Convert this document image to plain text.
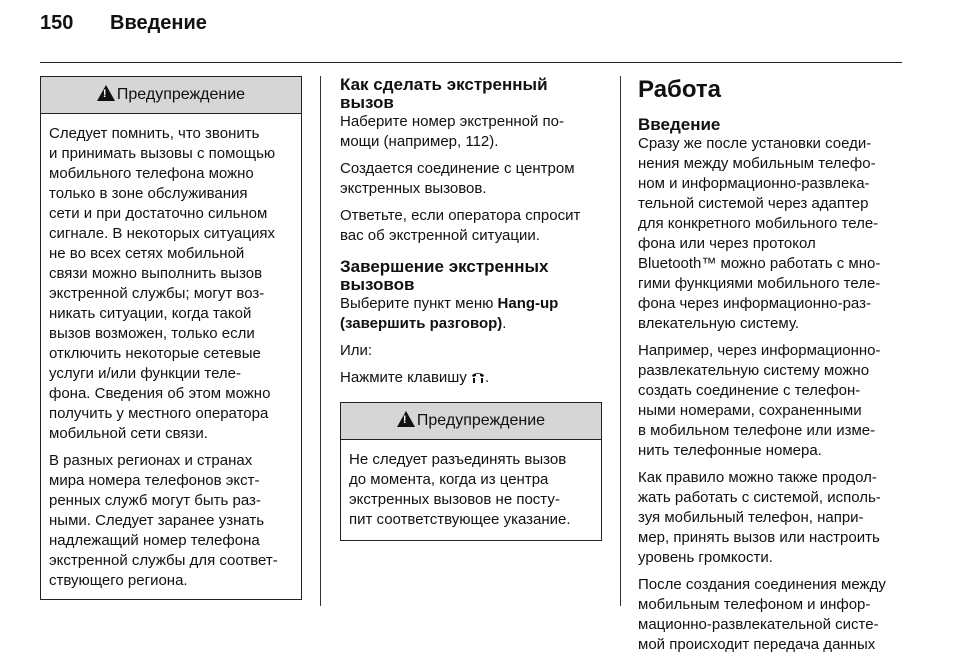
150 Введение
!Предупреждение

Следует помнить, что звонить
и принимать вызовы с помощью
мобильного телефона можно
только в зоне обслуживания
сети и при достаточно сильном
сигнале. В некоторых ситуациях
не во всех сетях мобильной
связи можно выполнить вызов
экстренной службы; могут воз-
никать ситуации, когда такой
вызов возможен, только если
отключить некоторые сетевые
услуги и/или функции теле-
фона. Сведения об этом можно
получить у местного оператора
мобильной сети связи.

В разных регионах и странах
мира номера телефонов экст-
ренных служб могут быть раз-
ными. Следует заранее узнать
надлежащий номер телефона
экстренной службы для соответ-
ствующего региона.

Как сделать экстренный
вызов

Наберите номер экстренной по-
мощи (например, 112).

Создается соединение с центром
экстренных вызовов.

Ответьте, если оператора спросит
вас об экстренной ситуации.

Завершение экстренных
вызовов

Выберите пункт меню Hang-up
(завершить разговор).

Или:

Нажмите клавишу .

!Предупреждение

Не следует разъединять вызов
до момента, когда из центра
экстренных вызовов не посту-
пит соответствующее указание.

Работа
Введение

Сразу же после установки соеди-
нения между мобильным телефо-
ном и информационно-развлека-
тельной системой через адаптер
для конкретного мобильного теле-
фона или через протокол
Bluetooth™ можно работать с мно-
гими функциями мобильного теле-
фона через информационно-раз-
влекательную систему.

Например, через информационно-
развлекательную систему можно
создать соединение с телефон-
ными номерами, сохраненными
в мобильном телефоне или изме-
нить телефонные номера.

Как правило можно также продол-
жать работать с системой, исполь-
зуя мобильный телефон, напри-
мер, принять вызов или настроить
уровень громкости.

После создания соединения между
мобильным телефоном и инфор-
мационно-развлекательной систе-
мой происходит передача данных
